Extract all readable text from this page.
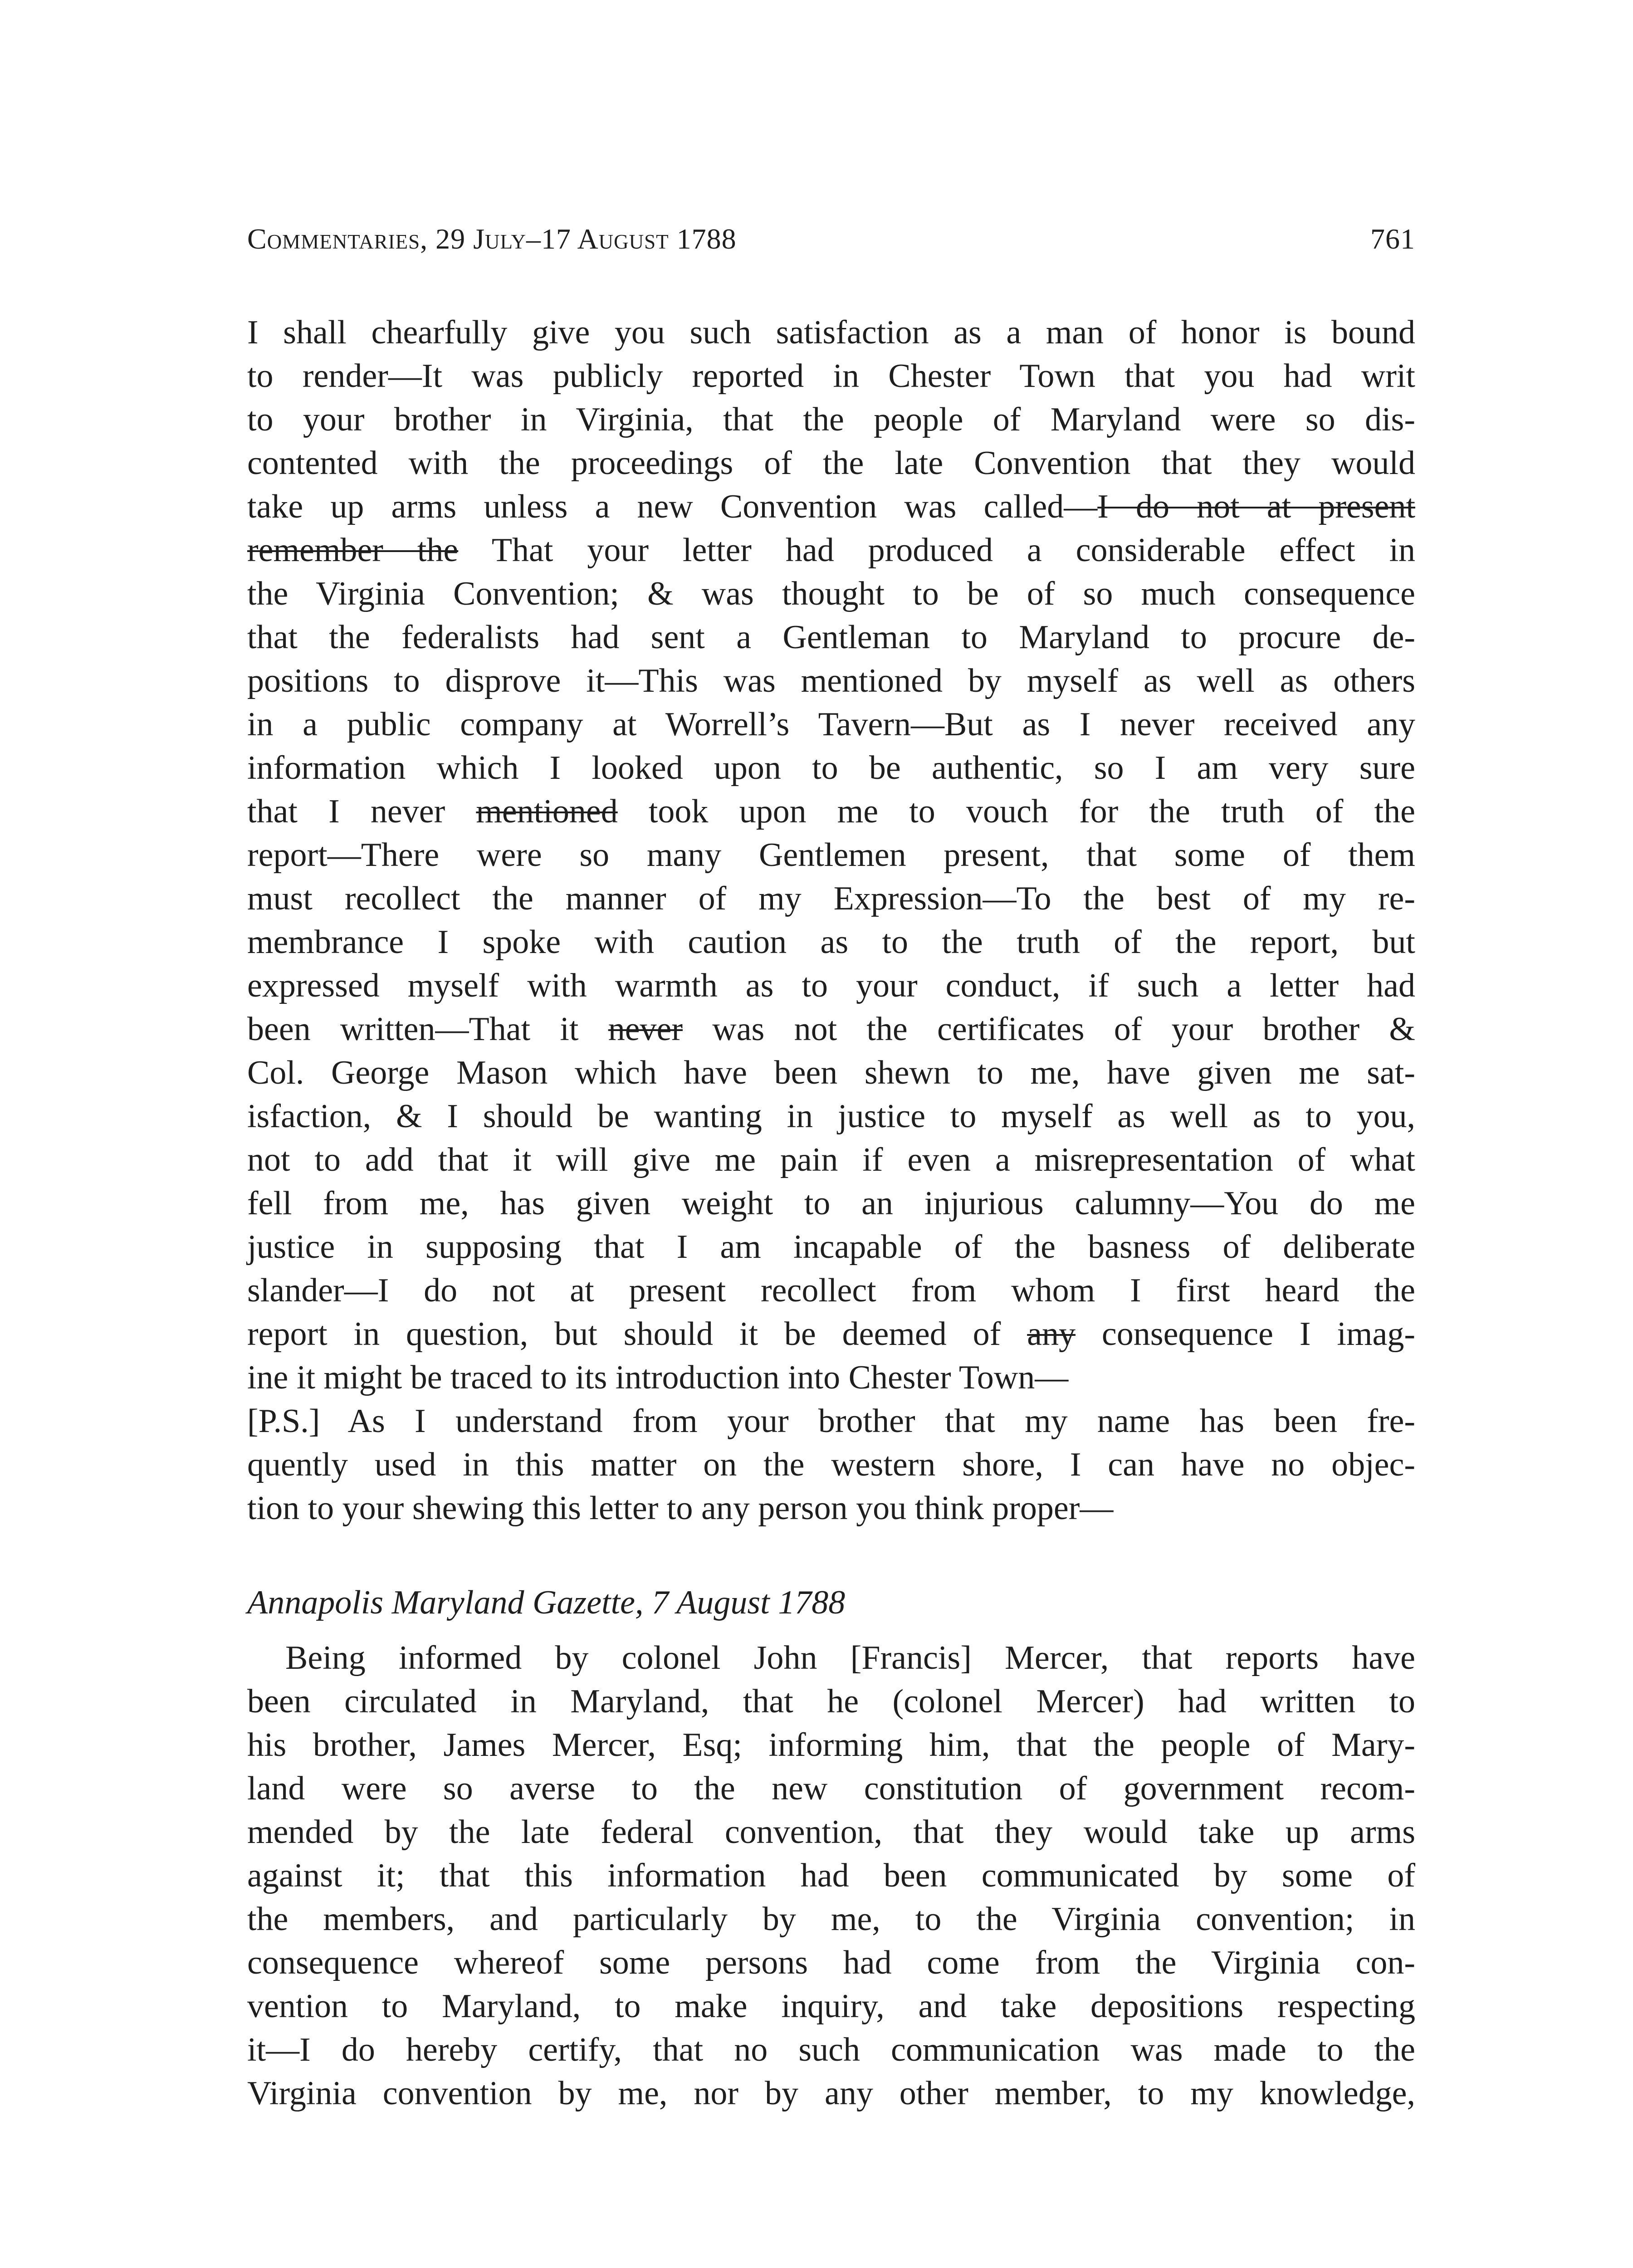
Commentaries, 29 July–17 August 1788	761
I shall chearfully give you such satisfaction as a man of honor is bound
to render—It was publicly reported in Chester Town that you had writ
to your brother in Virginia, that the people of Maryland were so dis-
contented with the proceedings of the late Convention that they would
take up arms unless a new Convention was called—I do not at present
remember the That your letter had produced a considerable effect in
the Virginia Convention; & was thought to be of so much consequence
that the federalists had sent a Gentleman to Maryland to procure de-
positions to disprove it—This was mentioned by myself as well as others
in a public company at Worrell’s Tavern—But as I never received any
information which I looked upon to be authentic, so I am very sure
that I never mentioned took upon me to vouch for the truth of the
report—There were so many Gentlemen present, that some of them
must recollect the manner of my Expression—To the best of my re-
membrance I spoke with caution as to the truth of the report, but
expressed myself with warmth as to your conduct, if such a letter had
been written—That it never was not the certificates of your brother &
Col. George Mason which have been shewn to me, have given me sat-
isfaction, & I should be wanting in justice to myself as well as to you,
not to add that it will give me pain if even a misrepresentation of what
fell from me, has given weight to an injurious calumny—You do me
justice in supposing that I am incapable of the basness of deliberate
slander—I do not at present recollect from whom I first heard the
report in question, but should it be deemed of any consequence I imag-
ine it might be traced to its introduction into Chester Town—
[P.S.] As I understand from your brother that my name has been fre-
quently used in this matter on the western shore, I can have no objec-
tion to your shewing this letter to any person you think proper—
Annapolis Maryland Gazette, 7 August 1788
Being informed by colonel John [Francis] Mercer, that reports have
been circulated in Maryland, that he (colonel Mercer) had written to
his brother, James Mercer, Esq; informing him, that the people of Mary-
land were so averse to the new constitution of government recom-
mended by the late federal convention, that they would take up arms
against it; that this information had been communicated by some of
the members, and particularly by me, to the Virginia convention; in
consequence whereof some persons had come from the Virginia con-
vention to Maryland, to make inquiry, and take depositions respecting
it—I do hereby certify, that no such communication was made to the
Virginia convention by me, nor by any other member, to my knowledge,
